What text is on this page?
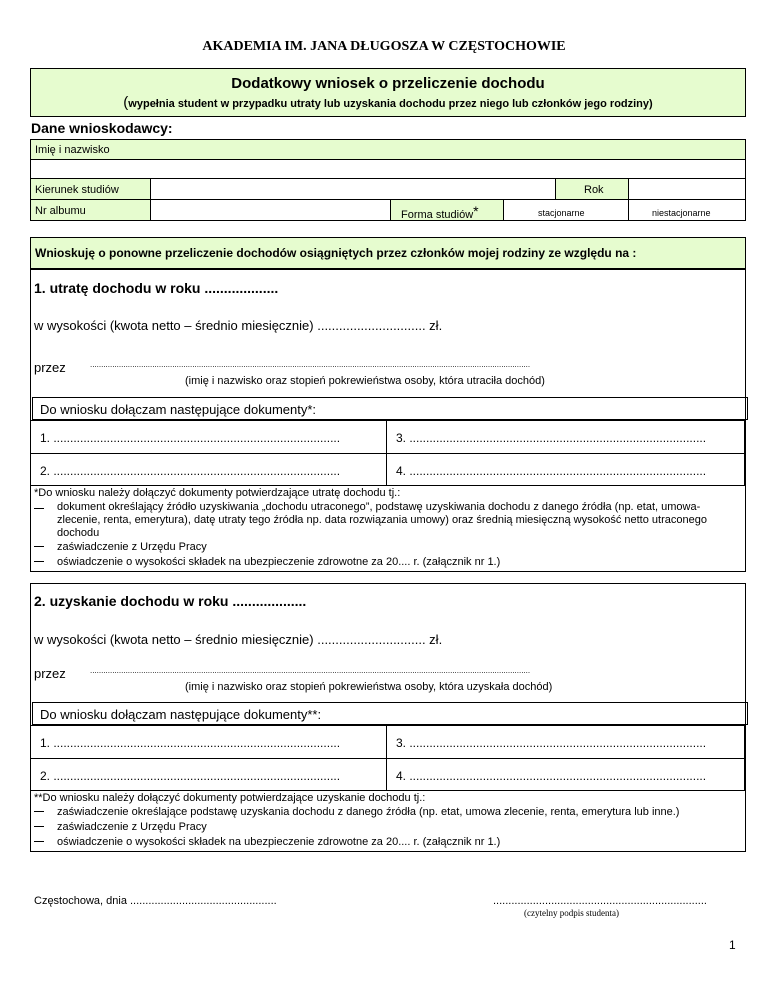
AKADEMIA IM. JANA DŁUGOSZA W CZĘSTOCHOWIE
Dodatkowy wniosek o przeliczenie dochodu
(wypełnia student w przypadku utraty lub uzyskania dochodu przez niego lub członków jego rodziny)
Dane wnioskodawcy:
Imię i nazwisko
Kierunek studiów	Rok
Nr albumu	Forma studiów*	stacjonarne	niestacjonarne
Wnioskuję o ponowne przeliczenie dochodów osiągniętych przez członków mojej rodziny ze względu na :
1. utratę dochodu w roku ...................
w wysokości (kwota netto – średnio miesięcznie) .............................. zł.
przez	......................................................................................................................................................................................................
(imię i nazwisko oraz stopień pokrewieństwa osoby, która utraciła dochód)
Do wniosku dołączam następujące dokumenty*:
1. ......................................................................................	3. .........................................................................................
2. ......................................................................................	4. .........................................................................................
*Do wniosku należy dołączyć dokumenty potwierdzające utratę dochodu tj.:
dokument określający źródło uzyskiwania „dochodu utraconego”, podstawę uzyskiwania dochodu z danego źródła (np. etat, umowa-zlecenie, renta, emerytura), datę utraty tego źródła np. data rozwiązania umowy) oraz średnią miesięczną wysokość netto utraconego dochodu
zaświadczenie z Urzędu Pracy
oświadczenie o wysokości składek na ubezpieczenie zdrowotne za 20.... r. (załącznik nr 1.)
2. uzyskanie dochodu w roku ...................
w wysokości (kwota netto – średnio miesięcznie) .............................. zł.
przez	......................................................................................................................................................................................................
(imię i nazwisko oraz stopień pokrewieństwa osoby, która uzyskała dochód)
Do wniosku dołączam następujące dokumenty**:
1. ......................................................................................	3. .........................................................................................
2. ......................................................................................	4. .........................................................................................
**Do wniosku należy dołączyć dokumenty potwierdzające uzyskanie dochodu tj.:
zaświadczenie określające podstawę uzyskania dochodu z danego źródła (np. etat, umowa zlecenie, renta, emerytura lub inne.)
zaświadczenie z Urzędu Pracy
oświadczenie o wysokości składek na ubezpieczenie zdrowotne za 20.... r. (załącznik nr 1.)
Częstochowa, dnia ................................................	......................................................................
(czytelny podpis studenta)
1
